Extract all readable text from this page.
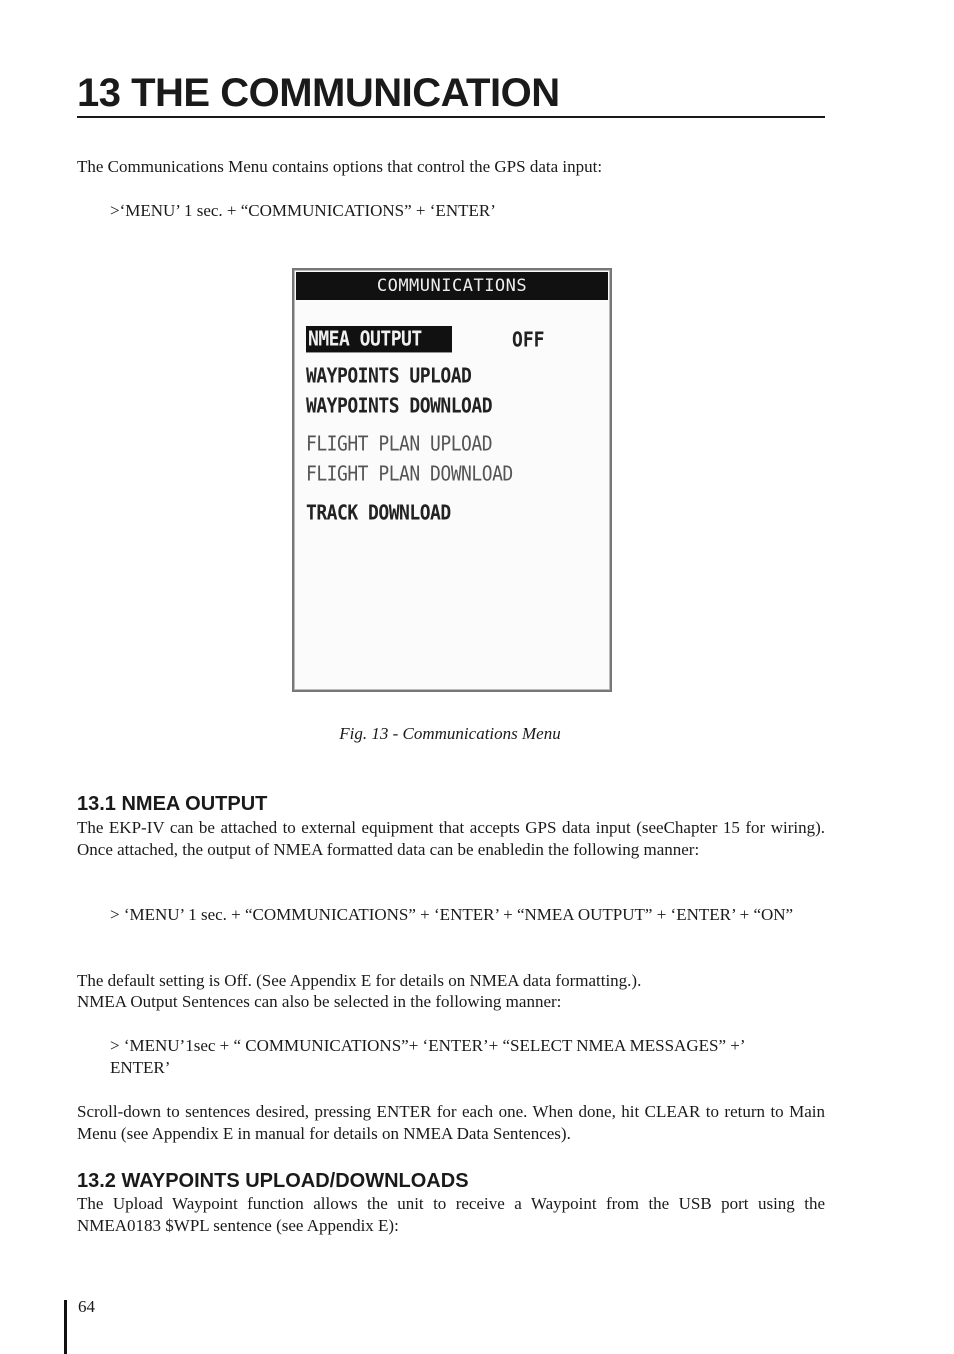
13 THE COMMUNICATION

The Communications Menu contains options that control the GPS data input:

>‘MENU’ 1 sec. + “COMMUNICATIONS” + ‘ENTER’

COMMUNICATIONS
NMEA OUTPUT	OFF
WAYPOINTS UPLOAD
WAYPOINTS DOWNLOAD
FLIGHT PLAN UPLOAD
FLIGHT PLAN DOWNLOAD
TRACK DOWNLOAD

Fig. 13 - Communications Menu

13.1 NMEA OUTPUT

The EKP-IV can be attached to external equipment that accepts GPS data input (seeChapter 15 for wiring). Once attached, the output of NMEA formatted data can be enabledin the following manner:

> ‘MENU’ 1 sec. + “COMMUNICATIONS” + ‘ENTER’ + “NMEA OUTPUT” + ‘ENTER’ + “ON”

The default setting is Off. (See Appendix E for details on NMEA data formatting.).

NMEA Output Sentences can also be selected in the following manner:

> ‘MENU’1sec + “ COMMUNICATIONS”+ ‘ENTER’+ “SELECT NMEA MESSAGES” +’ ENTER’

Scroll-down to sentences desired, pressing ENTER for each one. When done, hit CLEAR to return to Main Menu (see Appendix E in manual for details on NMEA Data Sentences).

13.2 WAYPOINTS UPLOAD/DOWNLOADS

The Upload Waypoint function allows the unit to receive a Waypoint from the USB port using the NMEA0183 $WPL sentence (see Appendix E):

64
